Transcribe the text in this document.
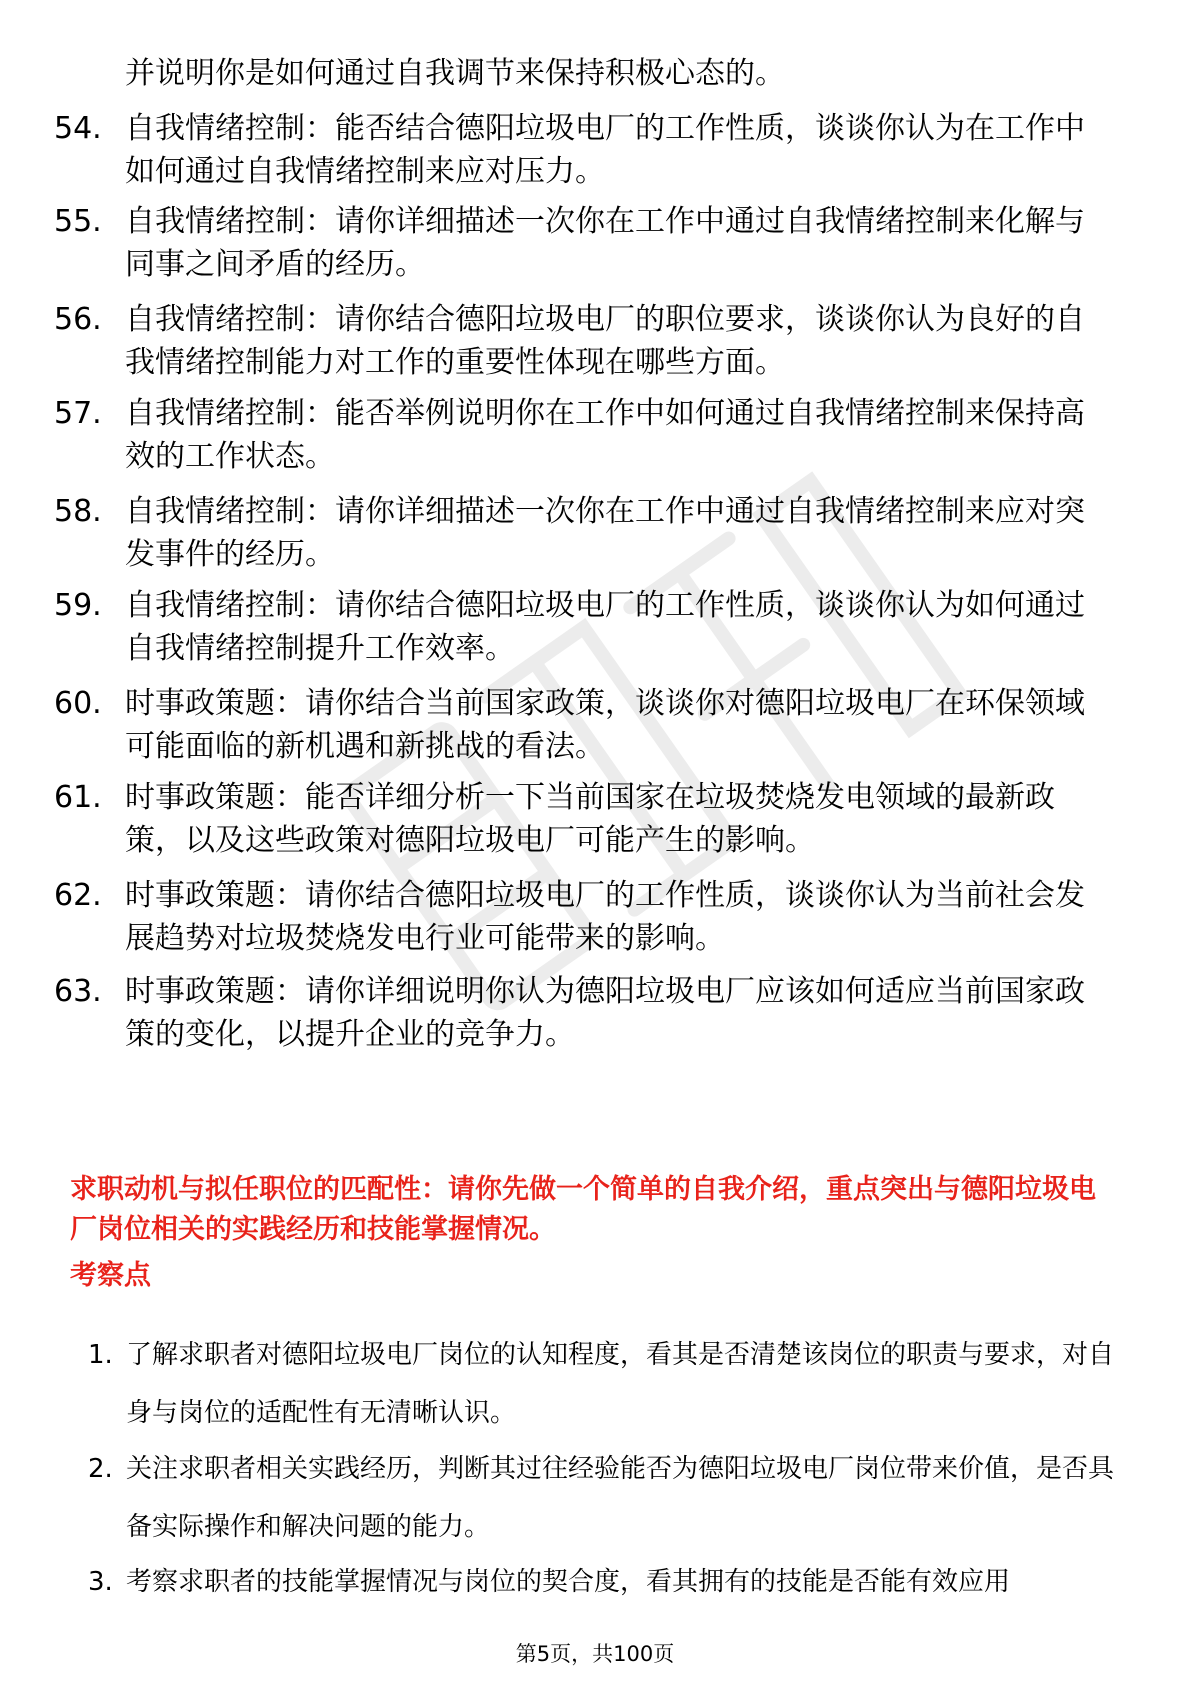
并说明你是如何通过自我调节来保持积极心态的。
54. 自我情绪控制：能否结合德阳垃圾电厂的工作性质，谈谈你认为在工作中如何通过自我情绪控制来应对压力。
55. 自我情绪控制：请你详细描述一次你在工作中通过自我情绪控制来化解与同事之间矛盾的经历。
56. 自我情绪控制：请你结合德阳垃圾电厂的职位要求，谈谈你认为良好的自我情绪控制能力对工作的重要性体现在哪些方面。
57. 自我情绪控制：能否举例说明你在工作中如何通过自我情绪控制来保持高效的工作状态。
58. 自我情绪控制：请你详细描述一次你在工作中通过自我情绪控制来应对突发事件的经历。
59. 自我情绪控制：请你结合德阳垃圾电厂的工作性质，谈谈你认为如何通过自我情绪控制提升工作效率。
60. 时事政策题：请你结合当前国家政策，谈谈你对德阳垃圾电厂在环保领域可能面临的新机遇和新挑战的看法。
61. 时事政策题：能否详细分析一下当前国家在垃圾焚烧发电领域的最新政策，以及这些政策对德阳垃圾电厂可能产生的影响。
62. 时事政策题：请你结合德阳垃圾电厂的工作性质，谈谈你认为当前社会发展趋势对垃圾焚烧发电行业可能带来的影响。
63. 时事政策题：请你详细说明你认为德阳垃圾电厂应该如何适应当前国家政策的变化，以提升企业的竞争力。
求职动机与拟任职位的匹配性：请你先做一个简单的自我介绍，重点突出与德阳垃圾电厂岗位相关的实践经历和技能掌握情况。
考察点
1. 了解求职者对德阳垃圾电厂岗位的认知程度，看其是否清楚该岗位的职责与要求，对自身与岗位的适配性有无清晰认识。
2. 关注求职者相关实践经历，判断其过往经验能否为德阳垃圾电厂岗位带来价值，是否具备实际操作和解决问题的能力。
3. 考察求职者的技能掌握情况与岗位的契合度，看其拥有的技能是否能有效应用
第5页，共100页
